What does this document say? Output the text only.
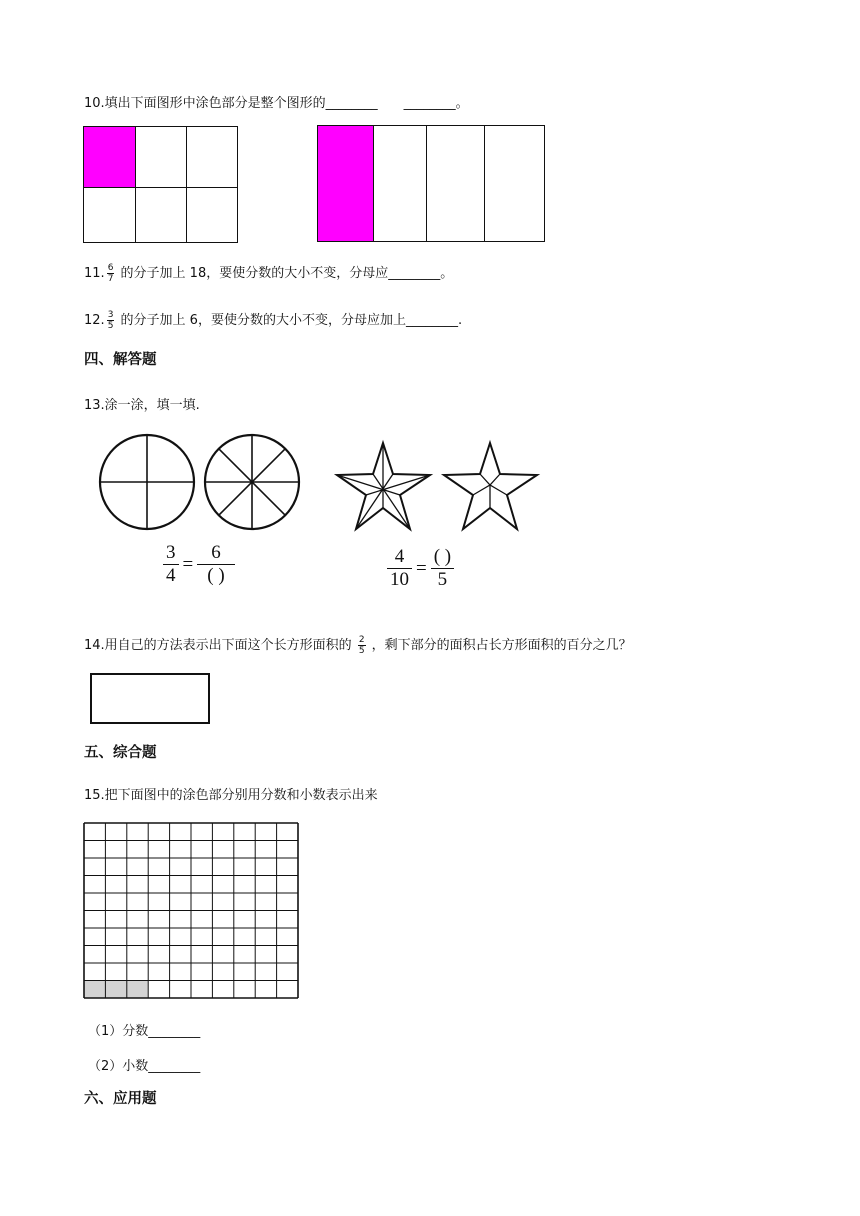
10.填出下面图形中涂色部分是整个图形的________　　________。
11. $\frac{6}{7}$ 的分子加上 18，要使分数的大小不变，分母应________。
12. $\frac{3}{5}$ 的分子加上 6，要使分数的大小不变，分母应加上________.
四、解答题
13.涂一涂，填一填.
$\frac{3}{4} = \frac{6}{( )}$	$\frac{4}{10} = \frac{( )}{5}$
14.用自己的方法表示出下面这个长方形面积的 $\frac{2}{5}$ ，剩下部分的面积占长方形面积的百分之几？
五、综合题
15.把下面图中的涂色部分别用分数和小数表示出来
（1）分数________
（2）小数________
六、应用题
